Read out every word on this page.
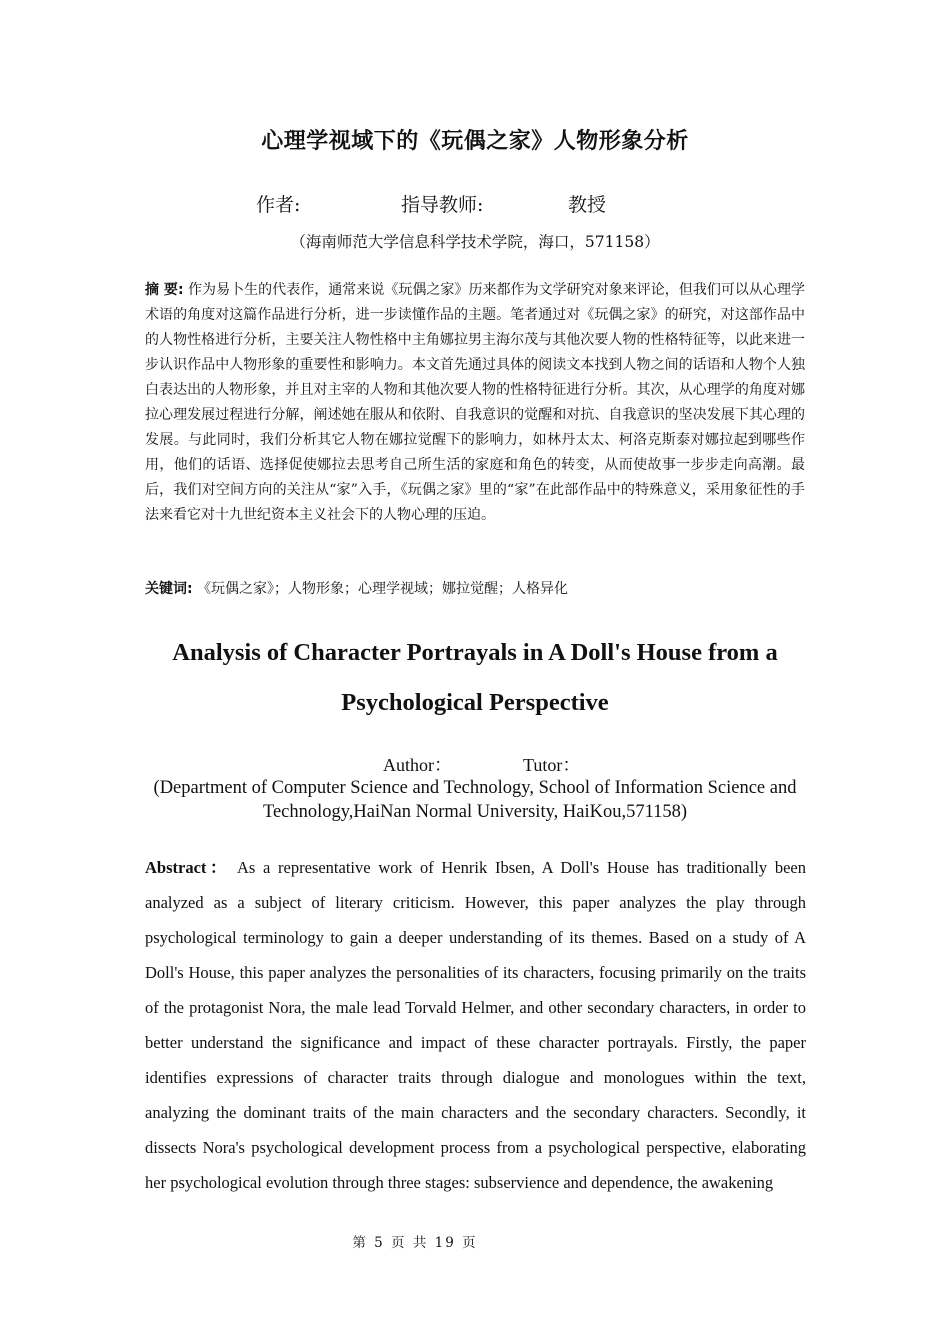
心理学视域下的《玩偶之家》人物形象分析
作者:	指导教师:	教授
（海南师范大学信息科学技术学院，海口，571158）
摘 要: 作为易卜生的代表作，通常来说《玩偶之家》历来都作为文学研究对象来评论，但我们可以从心理学术语的角度对这篇作品进行分析，进一步读懂作品的主题。笔者通过对《玩偶之家》的研究，对这部作品中的人物性格进行分析，主要关注人物性格中主角娜拉男主海尔茂与其他次要人物的性格特征等，以此来进一步认识作品中人物形象的重要性和影响力。本文首先通过具体的阅读文本找到人物之间的话语和人物个人独白表达出的人物形象，并且对主宰的人物和其他次要人物的性格特征进行分析。其次，从心理学的角度对娜拉心理发展过程进行分解，阐述她在服从和依附、自我意识的觉醒和对抗、自我意识的坚决发展下其心理的发展。与此同时，我们分析其它人物在娜拉觉醒下的影响力，如林丹太太、柯洛克斯泰对娜拉起到哪些作用，他们的话语、选择促使娜拉去思考自己所生活的家庭和角色的转变，从而使故事一步步走向高潮。最后，我们对空间方向的关注从“家”入手，《玩偶之家》里的“家”在此部作品中的特殊意义，采用象征性的手法来看它对十九世纪资本主义社会下的人物心理的压迫。
关键词: 《玩偶之家》；人物形象；心理学视域；娜拉觉醒；人格异化
Analysis of Character Portrayals in A Doll's House from a Psychological Perspective
Author：	Tutor：
(Department of Computer Science and Technology, School of Information Science and Technology,HaiNan Normal University, HaiKou,571158)
Abstract： As a representative work of Henrik Ibsen, A Doll's House has traditionally been analyzed as a subject of literary criticism. However, this paper analyzes the play through psychological terminology to gain a deeper understanding of its themes. Based on a study of A Doll's House, this paper analyzes the personalities of its characters, focusing primarily on the traits of the protagonist Nora, the male lead Torvald Helmer, and other secondary characters, in order to better understand the significance and impact of these character portrayals. Firstly, the paper identifies expressions of character traits through dialogue and monologues within the text, analyzing the dominant traits of the main characters and the secondary characters. Secondly, it dissects Nora's psychological development process from a psychological perspective, elaborating her psychological evolution through three stages: subservience and dependence, the awakening
第 5 页 共 19 页
